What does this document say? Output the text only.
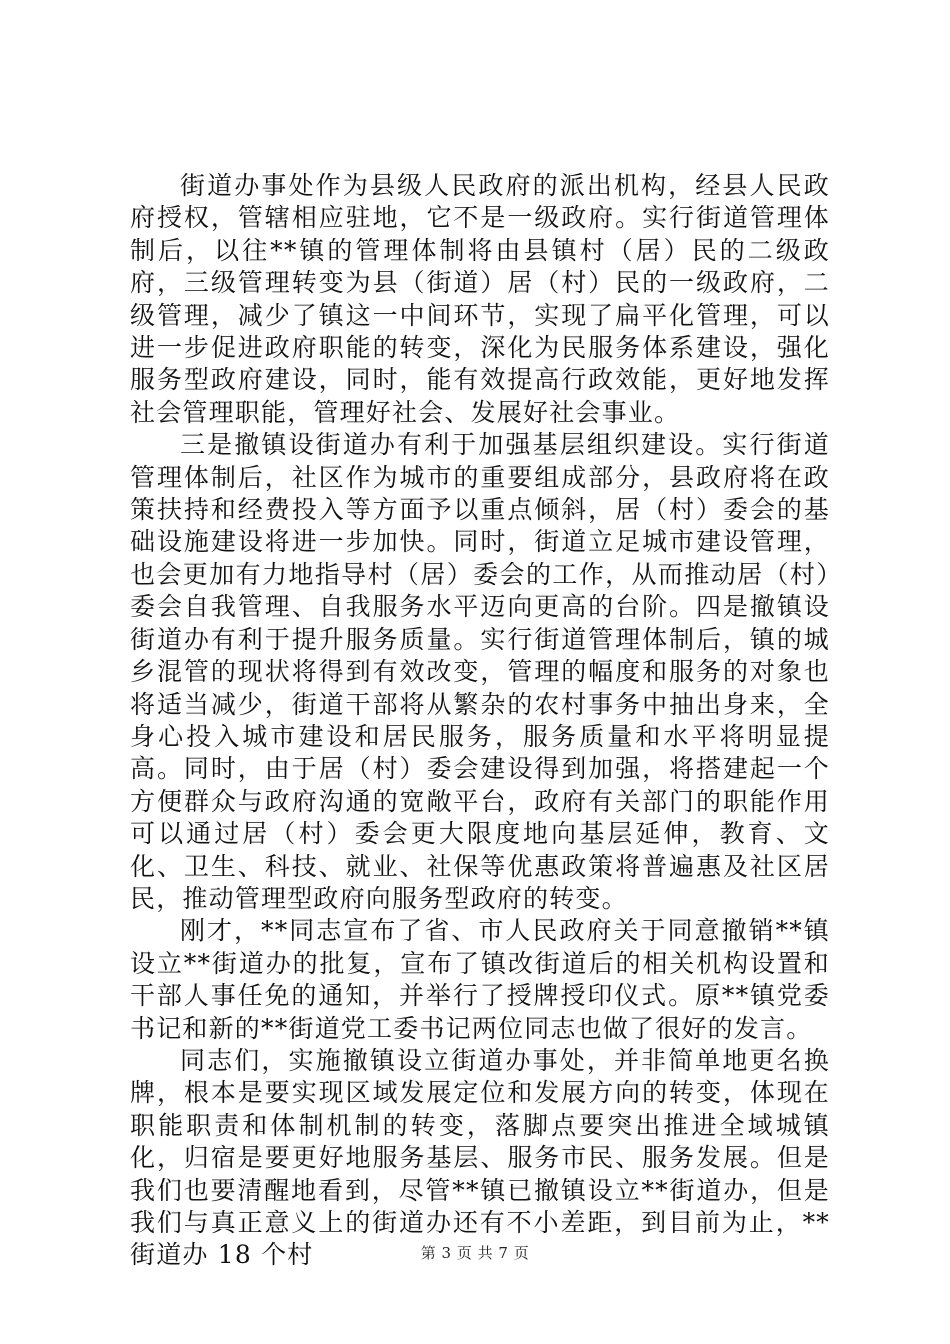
街道办事处作为县级人民政府的派出机构，经县人民政府授权，管辖相应驻地，它不是一级政府。实行街道管理体制后，以往**镇的管理体制将由县镇村（居）民的二级政府，三级管理转变为县（街道）居（村）民的一级政府，二级管理，减少了镇这一中间环节，实现了扁平化管理，可以进一步促进政府职能的转变，深化为民服务体系建设，强化服务型政府建设，同时，能有效提高行政效能，更好地发挥社会管理职能，管理好社会、发展好社会事业。

三是撤镇设街道办有利于加强基层组织建设。实行街道管理体制后，社区作为城市的重要组成部分，县政府将在政策扶持和经费投入等方面予以重点倾斜，居（村）委会的基础设施建设将进一步加快。同时，街道立足城市建设管理，也会更加有力地指导村（居）委会的工作，从而推动居（村）委会自我管理、自我服务水平迈向更高的台阶。四是撤镇设街道办有利于提升服务质量。实行街道管理体制后，镇的城乡混管的现状将得到有效改变，管理的幅度和服务的对象也将适当减少，街道干部将从繁杂的农村事务中抽出身来，全身心投入城市建设和居民服务，服务质量和水平将明显提高。同时，由于居（村）委会建设得到加强，将搭建起一个方便群众与政府沟通的宽敞平台，政府有关部门的职能作用可以通过居（村）委会更大限度地向基层延伸，教育、文化、卫生、科技、就业、社保等优惠政策将普遍惠及社区居民，推动管理型政府向服务型政府的转变。

刚才，**同志宣布了省、市人民政府关于同意撤销**镇设立**街道办的批复，宣布了镇改街道后的相关机构设置和干部人事任免的通知，并举行了授牌授印仪式。原**镇党委书记和新的**街道党工委书记两位同志也做了很好的发言。

同志们，实施撤镇设立街道办事处，并非简单地更名换牌，根本是要实现区域发展定位和发展方向的转变，体现在职能职责和体制机制的转变，落脚点要突出推进全域城镇化，归宿是要更好地服务基层、服务市民、服务发展。但是我们也要清醒地看到，尽管**镇已撤镇设立**街道办，但是我们与真正意义上的街道办还有不小差距，到目前为止，**街道办 18 个村	第 3 页 共 7 页
